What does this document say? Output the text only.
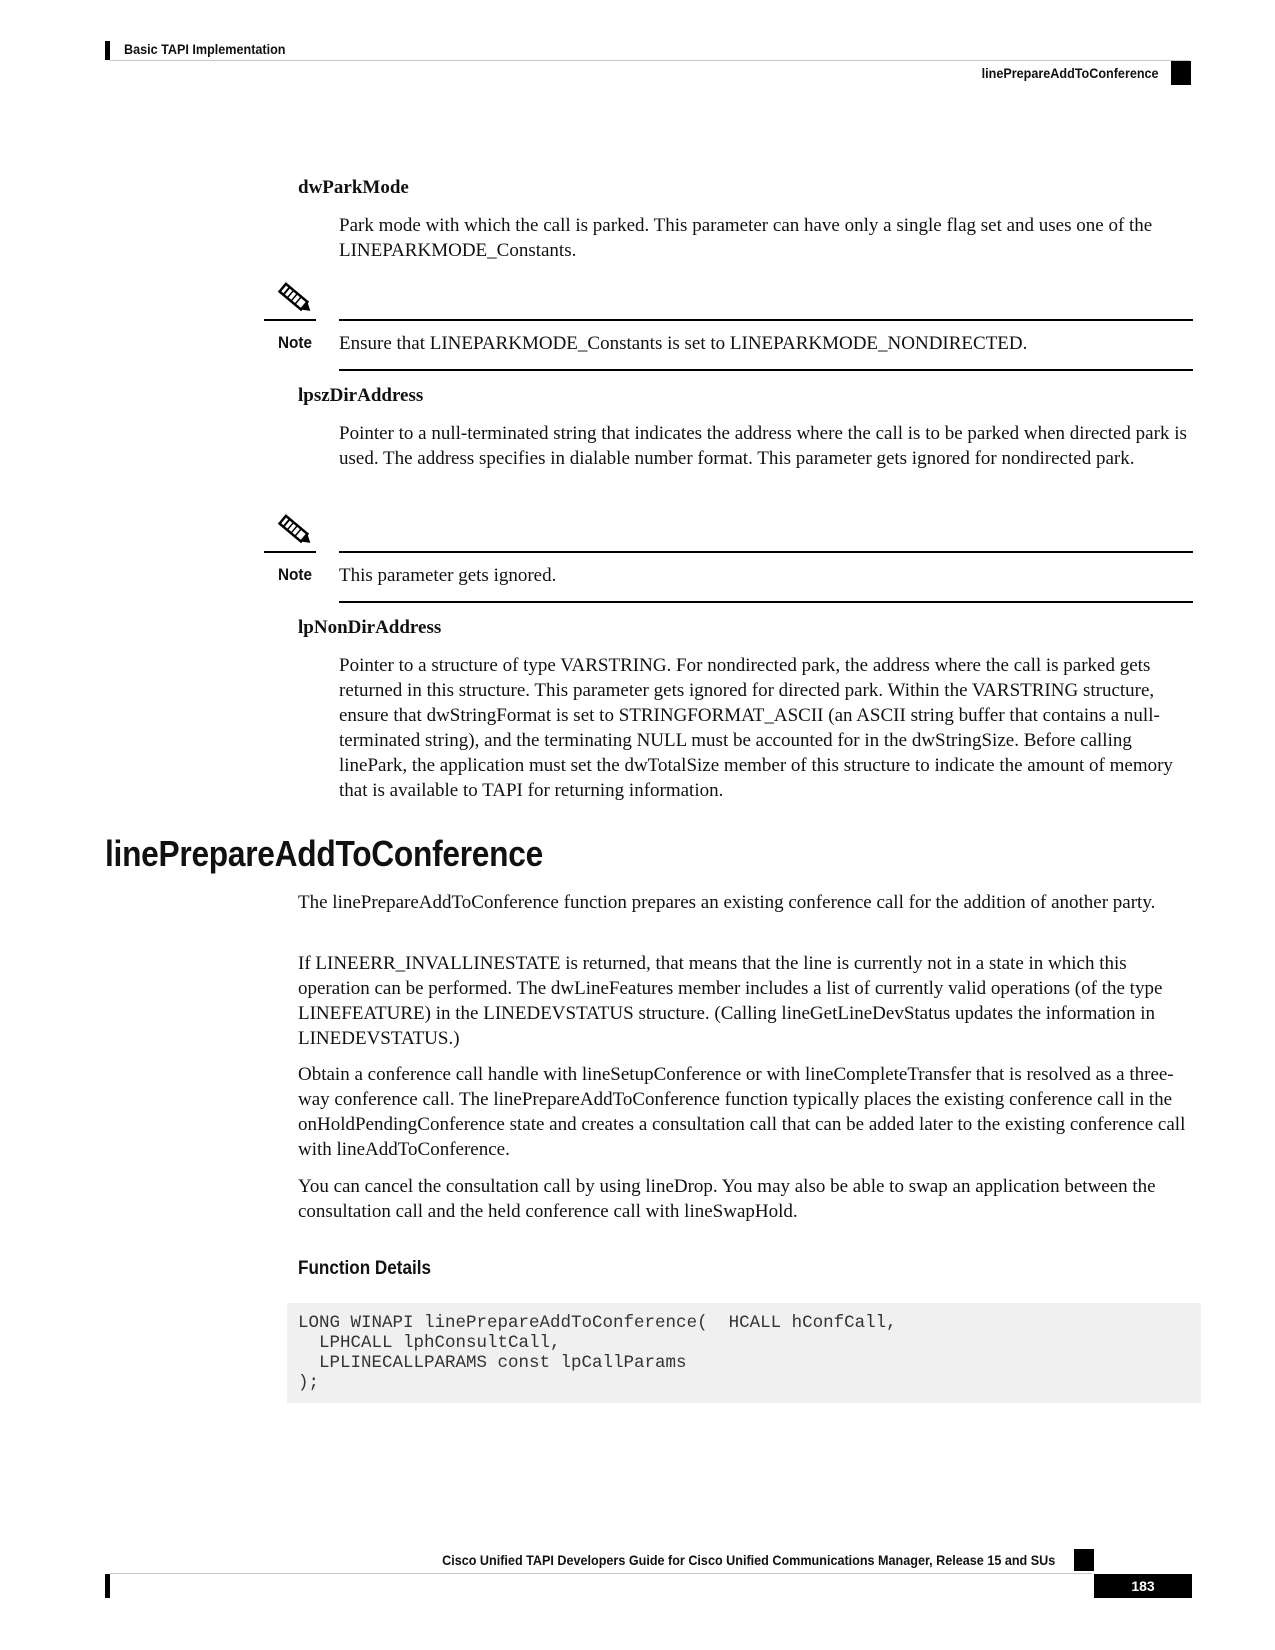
Basic TAPI Implementation
linePrepareAddToConference
dwParkMode

Park mode with which the call is parked. This parameter can have only a single flag set and uses one of the LINEPARKMODE_Constants.

Note Ensure that LINEPARKMODE_Constants is set to LINEPARKMODE_NONDIRECTED.
lpszDirAddress

Pointer to a null-terminated string that indicates the address where the call is to be parked when directed park is used. The address specifies in dialable number format. This parameter gets ignored for nondirected park.

Note This parameter gets ignored.
lpNonDirAddress

Pointer to a structure of type VARSTRING. For nondirected park, the address where the call is parked gets returned in this structure. This parameter gets ignored for directed park. Within the VARSTRING structure, ensure that dwStringFormat is set to STRINGFORMAT_ASCII (an ASCII string buffer that contains a null-terminated string), and the terminating NULL must be accounted for in the dwStringSize. Before calling linePark, the application must set the dwTotalSize member of this structure to indicate the amount of memory that is available to TAPI for returning information.

linePrepareAddToConference

The linePrepareAddToConference function prepares an existing conference call for the addition of another party.

If LINEERR_INVALLINESTATE is returned, that means that the line is currently not in a state in which this operation can be performed. The dwLineFeatures member includes a list of currently valid operations (of the type LINEFEATURE) in the LINEDEVSTATUS structure. (Calling lineGetLineDevStatus updates the information in LINEDEVSTATUS.)

Obtain a conference call handle with lineSetupConference or with lineCompleteTransfer that is resolved as a three-way conference call. The linePrepareAddToConference function typically places the existing conference call in the onHoldPendingConference state and creates a consultation call that can be added later to the existing conference call with lineAddToConference.

You can cancel the consultation call by using lineDrop. You may also be able to swap an application between the consultation call and the held conference call with lineSwapHold.

Function Details
LONG WINAPI linePrepareAddToConference(  HCALL hConfCall,
LPHCALL lphConsultCall,
LPLINECALLPARAMS const lpCallParams
);
Cisco Unified TAPI Developers Guide for Cisco Unified Communications Manager, Release 15 and SUs
183
